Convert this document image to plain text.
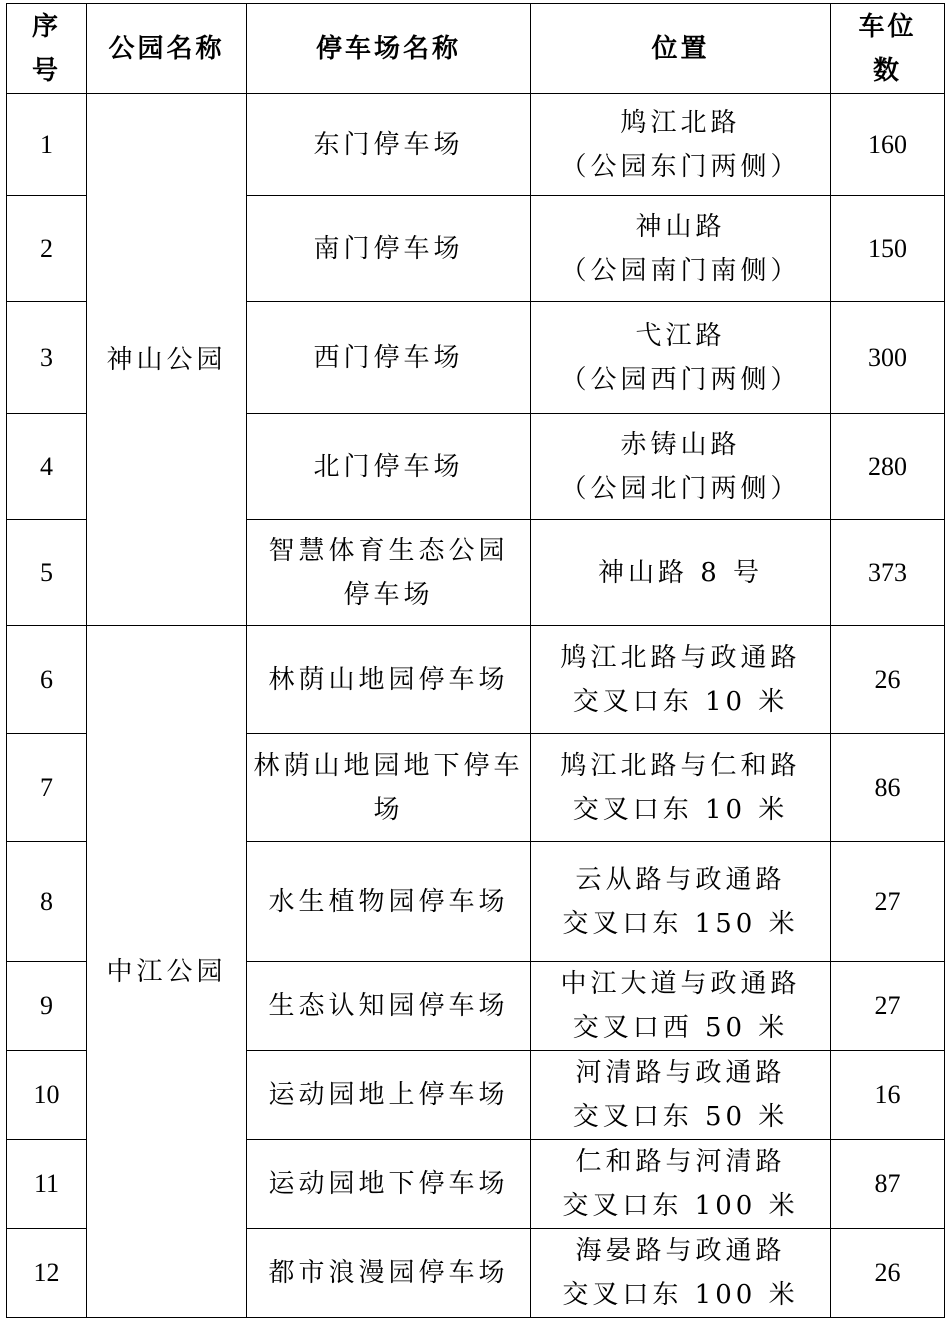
序
号	公园名称	停车场名称	位置	车位
数

1	神山公园	东门停车场	鸠江北路
（公园东门两侧）	160
2		南门停车场	神山路
（公园南门南侧）	150
3		西门停车场	弋江路
（公园西门两侧）	300
4		北门停车场	赤铸山路
（公园北门两侧）	280
5		智慧体育生态公园
停车场	神山路 8 号	373
6	中江公园	林荫山地园停车场	鸠江北路与政通路
交叉口东 10 米	26
7		林荫山地园地下停车
场	鸠江北路与仁和路
交叉口东 10 米	86
8		水生植物园停车场	云从路与政通路
交叉口东 150 米	27
9		生态认知园停车场	中江大道与政通路
交叉口西 50 米	27
10		运动园地上停车场	河清路与政通路
交叉口东 50 米	16
11		运动园地下停车场	仁和路与河清路
交叉口东 100 米	87
12		都市浪漫园停车场	海晏路与政通路
交叉口东 100 米	26
